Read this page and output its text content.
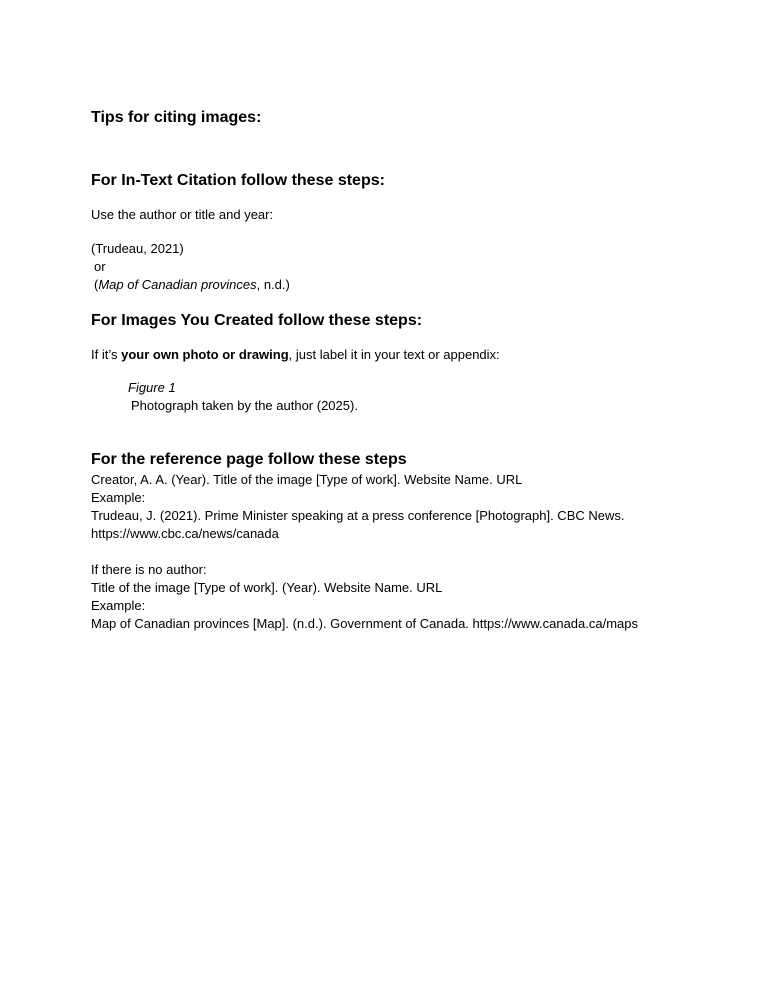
Tips for citing images:
For In-Text Citation follow these steps:

Use the author or title and year:

(Trudeau, 2021)
or
(Map of Canadian provinces, n.d.)
For Images You Created follow these steps:

If it’s your own photo or drawing, just label it in your text or appendix:

Figure 1
Photograph taken by the author (2025).
For the reference page follow these steps
Creator, A. A. (Year). Title of the image [Type of work]. Website Name. URL
Example:
Trudeau, J. (2021). Prime Minister speaking at a press conference [Photograph]. CBC News.
https://www.cbc.ca/news/canada
If there is no author:
Title of the image [Type of work]. (Year). Website Name. URL
Example:
Map of Canadian provinces [Map]. (n.d.). Government of Canada. https://www.canada.ca/maps
